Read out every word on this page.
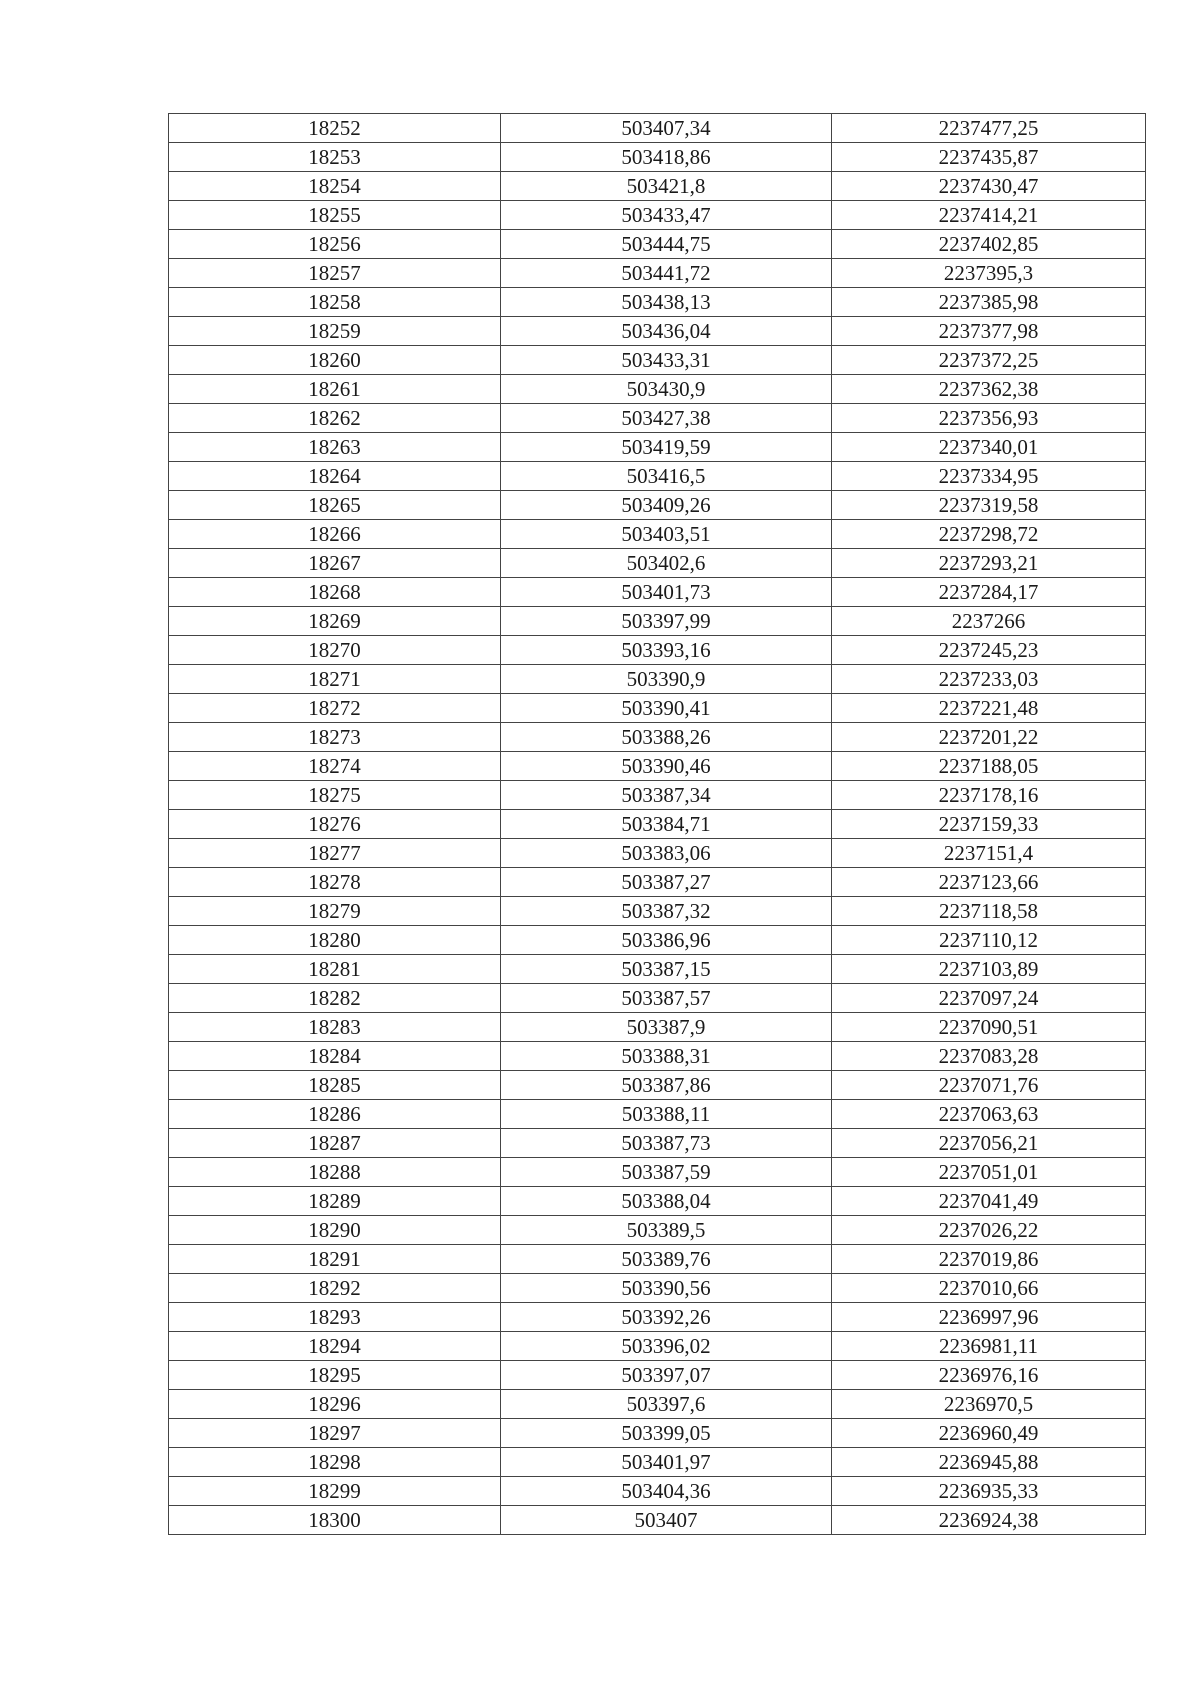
18252	503407,34	2237477,25
18253	503418,86	2237435,87
18254	503421,8	2237430,47
18255	503433,47	2237414,21
18256	503444,75	2237402,85
18257	503441,72	2237395,3
18258	503438,13	2237385,98
18259	503436,04	2237377,98
18260	503433,31	2237372,25
18261	503430,9	2237362,38
18262	503427,38	2237356,93
18263	503419,59	2237340,01
18264	503416,5	2237334,95
18265	503409,26	2237319,58
18266	503403,51	2237298,72
18267	503402,6	2237293,21
18268	503401,73	2237284,17
18269	503397,99	2237266
18270	503393,16	2237245,23
18271	503390,9	2237233,03
18272	503390,41	2237221,48
18273	503388,26	2237201,22
18274	503390,46	2237188,05
18275	503387,34	2237178,16
18276	503384,71	2237159,33
18277	503383,06	2237151,4
18278	503387,27	2237123,66
18279	503387,32	2237118,58
18280	503386,96	2237110,12
18281	503387,15	2237103,89
18282	503387,57	2237097,24
18283	503387,9	2237090,51
18284	503388,31	2237083,28
18285	503387,86	2237071,76
18286	503388,11	2237063,63
18287	503387,73	2237056,21
18288	503387,59	2237051,01
18289	503388,04	2237041,49
18290	503389,5	2237026,22
18291	503389,76	2237019,86
18292	503390,56	2237010,66
18293	503392,26	2236997,96
18294	503396,02	2236981,11
18295	503397,07	2236976,16
18296	503397,6	2236970,5
18297	503399,05	2236960,49
18298	503401,97	2236945,88
18299	503404,36	2236935,33
18300	503407	2236924,38
